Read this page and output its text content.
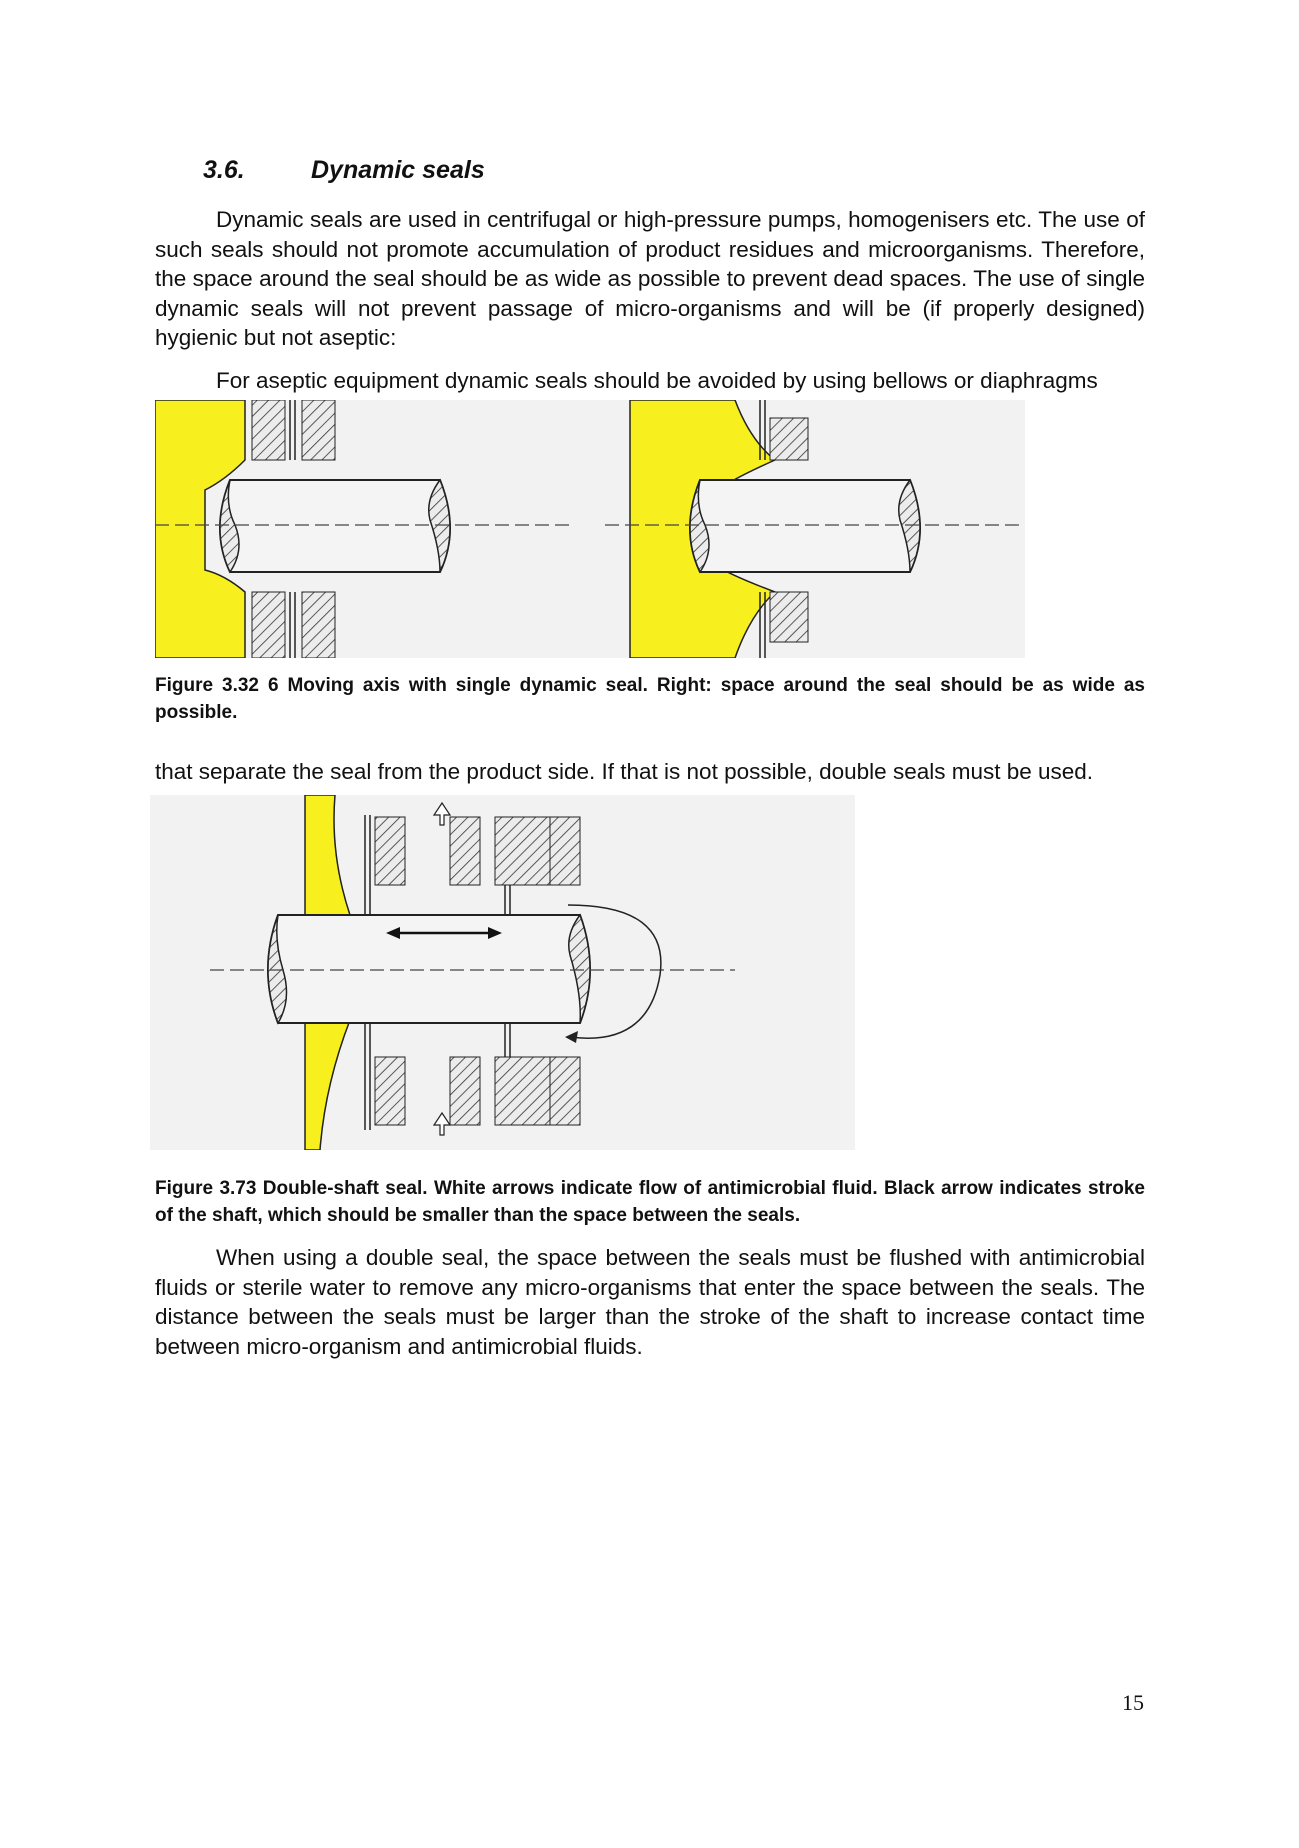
3.6.	Dynamic seals

Dynamic seals are used in centrifugal or high-pressure pumps, homogenisers etc. The use of such seals should not promote accumulation of product residues and microorganisms. Therefore, the space around the seal should be as wide as possible to prevent dead spaces. The use of single dynamic seals will not prevent passage of micro-organisms and will be (if properly designed) hygienic but not aseptic:

For aseptic equipment dynamic seals should be avoided by using bellows or diaphragms

Figure 3.32 6 Moving axis with single dynamic seal. Right: space around the seal should be as wide as possible.

that separate the seal from the product side. If that is not possible, double seals must be used.

Figure 3.73 Double-shaft seal. White arrows indicate flow of antimicrobial fluid. Black arrow indicates stroke of the shaft, which should be smaller than the space between the seals.

When using a double seal, the space between the seals must be flushed with antimicrobial fluids or sterile water to remove any micro-organisms that enter the space between the seals. The distance between the seals must be larger than the stroke of the shaft to increase contact time between micro-organism and antimicrobial fluids.

15
